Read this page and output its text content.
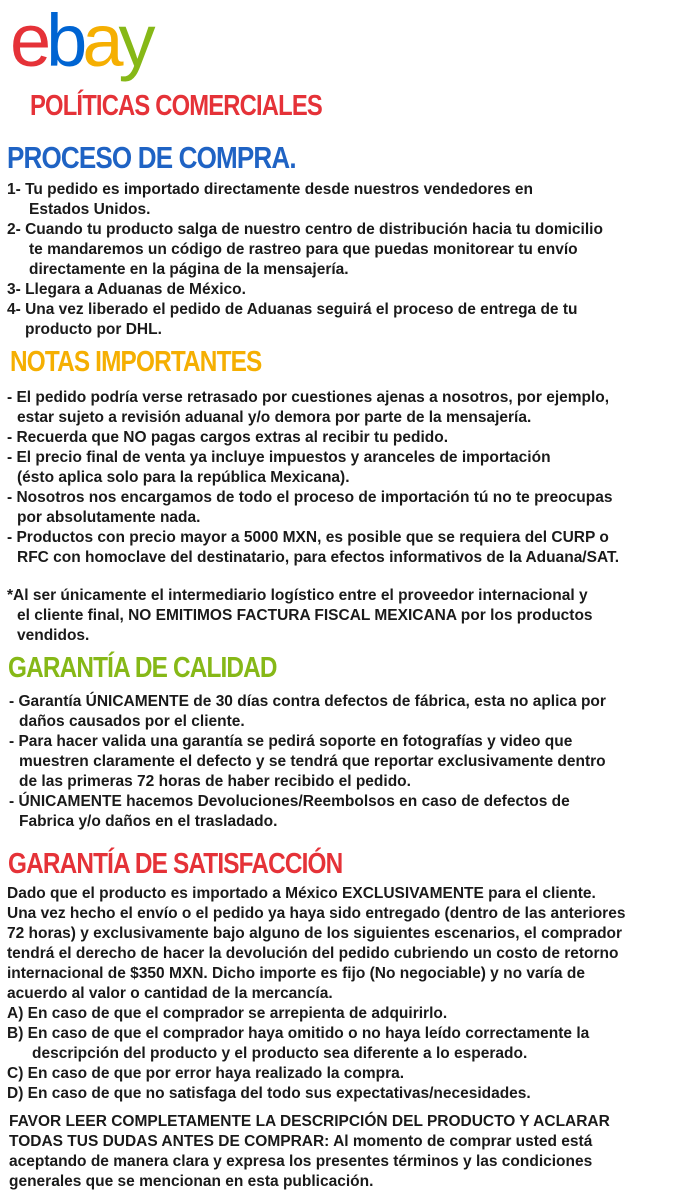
ebay
POLÍTICAS COMERCIALES
PROCESO DE COMPRA.
1- Tu pedido es importado directamente desde nuestros vendedores en
Estados Unidos.
2- Cuando tu producto salga de nuestro centro de distribución hacia tu domicilio
te mandaremos un código de rastreo para que puedas monitorear tu envío
directamente en la página de la mensajería.
3- Llegara a Aduanas de México.
4- Una vez liberado el pedido de Aduanas seguirá el proceso de entrega de tu
producto por DHL.
NOTAS IMPORTANTES
- El pedido podría verse retrasado por cuestiones ajenas a nosotros, por ejemplo,
estar sujeto a revisión aduanal y/o demora por parte de la mensajería.
- Recuerda que NO pagas cargos extras al recibir tu pedido.
- El precio final de venta ya incluye impuestos y aranceles de importación
(ésto aplica solo para la república Mexicana).
- Nosotros nos encargamos de todo el proceso de importación tú no te preocupas
por absolutamente nada.
- Productos con precio mayor a 5000 MXN, es posible que se requiera del CURP o
RFC con homoclave del destinatario, para efectos informativos de la Aduana/SAT.
*Al ser únicamente el intermediario logístico entre el proveedor internacional y
el cliente final, NO EMITIMOS FACTURA FISCAL MEXICANA por los productos
vendidos.
GARANTÍA DE CALIDAD
- Garantía ÚNICAMENTE de 30 días contra defectos de fábrica, esta no aplica por
daños causados por el cliente.
- Para hacer valida una garantía se pedirá soporte en fotografías y video que
muestren claramente el defecto y se tendrá que reportar exclusivamente dentro
de las primeras 72 horas de haber recibido el pedido.
- ÚNICAMENTE hacemos Devoluciones/Reembolsos en caso de defectos de
Fabrica y/o daños en el trasladado.
GARANTÍA DE SATISFACCIÓN
Dado que el producto es importado a México EXCLUSIVAMENTE para el cliente.
Una vez hecho el envío o el pedido ya haya sido entregado (dentro de las anteriores
72 horas) y exclusivamente bajo alguno de los siguientes escenarios, el comprador
tendrá el derecho de hacer la devolución del pedido cubriendo un costo de retorno
internacional de $350 MXN. Dicho importe es fijo (No negociable) y no varía de
acuerdo al valor o cantidad de la mercancía.
A) En caso de que el comprador se arrepienta de adquirirlo.
B) En caso de que el comprador haya omitido o no haya leído correctamente la
descripción del producto y el producto sea diferente a lo esperado.
C) En caso de que por error haya realizado la compra.
D) En caso de que no satisfaga del todo sus expectativas/necesidades.
FAVOR LEER COMPLETAMENTE LA DESCRIPCIÓN DEL PRODUCTO Y ACLARAR
TODAS TUS DUDAS ANTES DE COMPRAR: Al momento de comprar usted está
aceptando de manera clara y expresa los presentes términos y las condiciones
generales que se mencionan en esta publicación.
